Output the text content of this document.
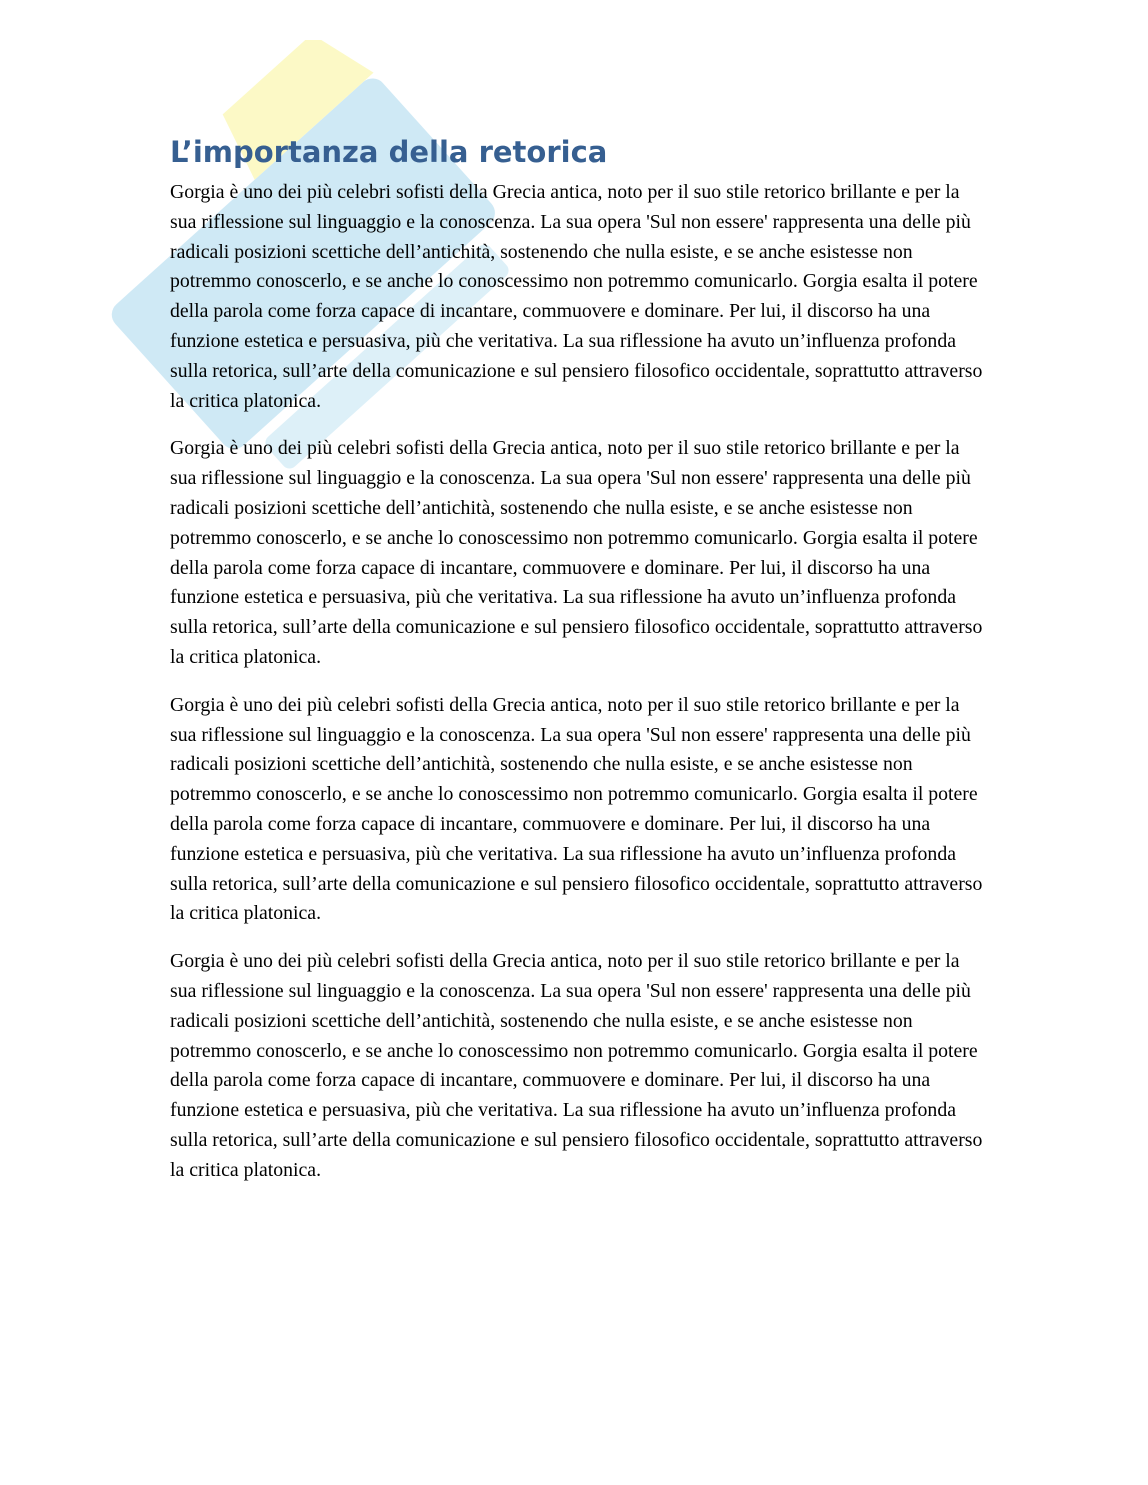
L’importanza della retorica

Gorgia è uno dei più celebri sofisti della Grecia antica, noto per il suo stile retorico brillante e per la sua riflessione sul linguaggio e la conoscenza. La sua opera 'Sul non essere' rappresenta una delle più radicali posizioni scettiche dell’antichità, sostenendo che nulla esiste, e se anche esistesse non potremmo conoscerlo, e se anche lo conoscessimo non potremmo comunicarlo. Gorgia esalta il potere della parola come forza capace di incantare, commuovere e dominare. Per lui, il discorso ha una funzione estetica e persuasiva, più che veritativa. La sua riflessione ha avuto un’influenza profonda sulla retorica, sull’arte della comunicazione e sul pensiero filosofico occidentale, soprattutto attraverso la critica platonica.

Gorgia è uno dei più celebri sofisti della Grecia antica, noto per il suo stile retorico brillante e per la sua riflessione sul linguaggio e la conoscenza. La sua opera 'Sul non essere' rappresenta una delle più radicali posizioni scettiche dell’antichità, sostenendo che nulla esiste, e se anche esistesse non potremmo conoscerlo, e se anche lo conoscessimo non potremmo comunicarlo. Gorgia esalta il potere della parola come forza capace di incantare, commuovere e dominare. Per lui, il discorso ha una funzione estetica e persuasiva, più che veritativa. La sua riflessione ha avuto un’influenza profonda sulla retorica, sull’arte della comunicazione e sul pensiero filosofico occidentale, soprattutto attraverso la critica platonica.

Gorgia è uno dei più celebri sofisti della Grecia antica, noto per il suo stile retorico brillante e per la sua riflessione sul linguaggio e la conoscenza. La sua opera 'Sul non essere' rappresenta una delle più radicali posizioni scettiche dell’antichità, sostenendo che nulla esiste, e se anche esistesse non potremmo conoscerlo, e se anche lo conoscessimo non potremmo comunicarlo. Gorgia esalta il potere della parola come forza capace di incantare, commuovere e dominare. Per lui, il discorso ha una funzione estetica e persuasiva, più che veritativa. La sua riflessione ha avuto un’influenza profonda sulla retorica, sull’arte della comunicazione e sul pensiero filosofico occidentale, soprattutto attraverso la critica platonica.

Gorgia è uno dei più celebri sofisti della Grecia antica, noto per il suo stile retorico brillante e per la sua riflessione sul linguaggio e la conoscenza. La sua opera 'Sul non essere' rappresenta una delle più radicali posizioni scettiche dell’antichità, sostenendo che nulla esiste, e se anche esistesse non potremmo conoscerlo, e se anche lo conoscessimo non potremmo comunicarlo. Gorgia esalta il potere della parola come forza capace di incantare, commuovere e dominare. Per lui, il discorso ha una funzione estetica e persuasiva, più che veritativa. La sua riflessione ha avuto un’influenza profonda sulla retorica, sull’arte della comunicazione e sul pensiero filosofico occidentale, soprattutto attraverso la critica platonica.
